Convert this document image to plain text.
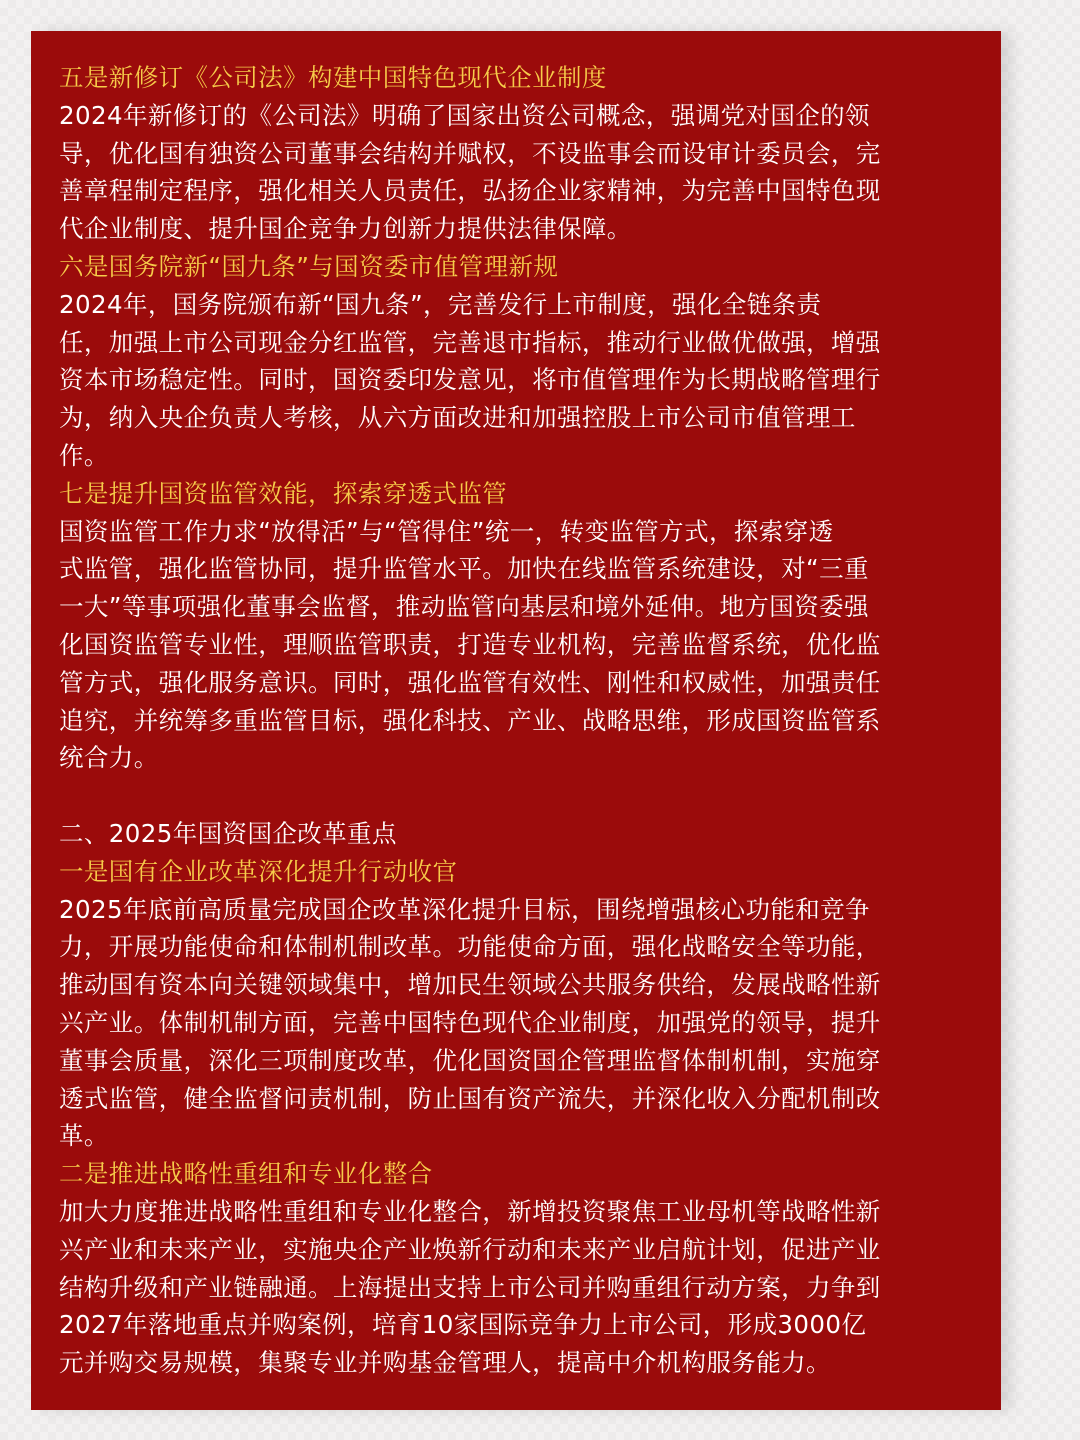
五是新修订《公司法》构建中国特色现代企业制度
2024年新修订的《公司法》明确了国家出资公司概念，强调党对国企的领
导，优化国有独资公司董事会结构并赋权，不设监事会而设审计委员会，完
善章程制定程序，强化相关人员责任，弘扬企业家精神，为完善中国特色现
代企业制度、提升国企竞争力创新力提供法律保障。
六是国务院新“国九条”与国资委市值管理新规
2024年，国务院颁布新“国九条”，完善发行上市制度，强化全链条责
任，加强上市公司现金分红监管，完善退市指标，推动行业做优做强，增强
资本市场稳定性。同时，国资委印发意见，将市值管理作为长期战略管理行
为，纳入央企负责人考核，从六方面改进和加强控股上市公司市值管理工
作。
七是提升国资监管效能，探索穿透式监管
国资监管工作力求“放得活”与“管得住”统一，转变监管方式，探索穿透
式监管，强化监管协同，提升监管水平。加快在线监管系统建设，对“三重
一大”等事项强化董事会监督，推动监管向基层和境外延伸。地方国资委强
化国资监管专业性，理顺监管职责，打造专业机构，完善监督系统，优化监
管方式，强化服务意识。同时，强化监管有效性、刚性和权威性，加强责任
追究，并统筹多重监管目标，强化科技、产业、战略思维，形成国资监管系
统合力。
二、2025年国资国企改革重点
一是国有企业改革深化提升行动收官
2025年底前高质量完成国企改革深化提升目标，围绕增强核心功能和竞争
力，开展功能使命和体制机制改革。功能使命方面，强化战略安全等功能，
推动国有资本向关键领域集中，增加民生领域公共服务供给，发展战略性新
兴产业。体制机制方面，完善中国特色现代企业制度，加强党的领导，提升
董事会质量，深化三项制度改革，优化国资国企管理监督体制机制，实施穿
透式监管，健全监督问责机制，防止国有资产流失，并深化收入分配机制改
革。
二是推进战略性重组和专业化整合
加大力度推进战略性重组和专业化整合，新增投资聚焦工业母机等战略性新
兴产业和未来产业，实施央企产业焕新行动和未来产业启航计划，促进产业
结构升级和产业链融通。上海提出支持上市公司并购重组行动方案，力争到
2027年落地重点并购案例，培育10家国际竞争力上市公司，形成3000亿
元并购交易规模，集聚专业并购基金管理人，提高中介机构服务能力。
